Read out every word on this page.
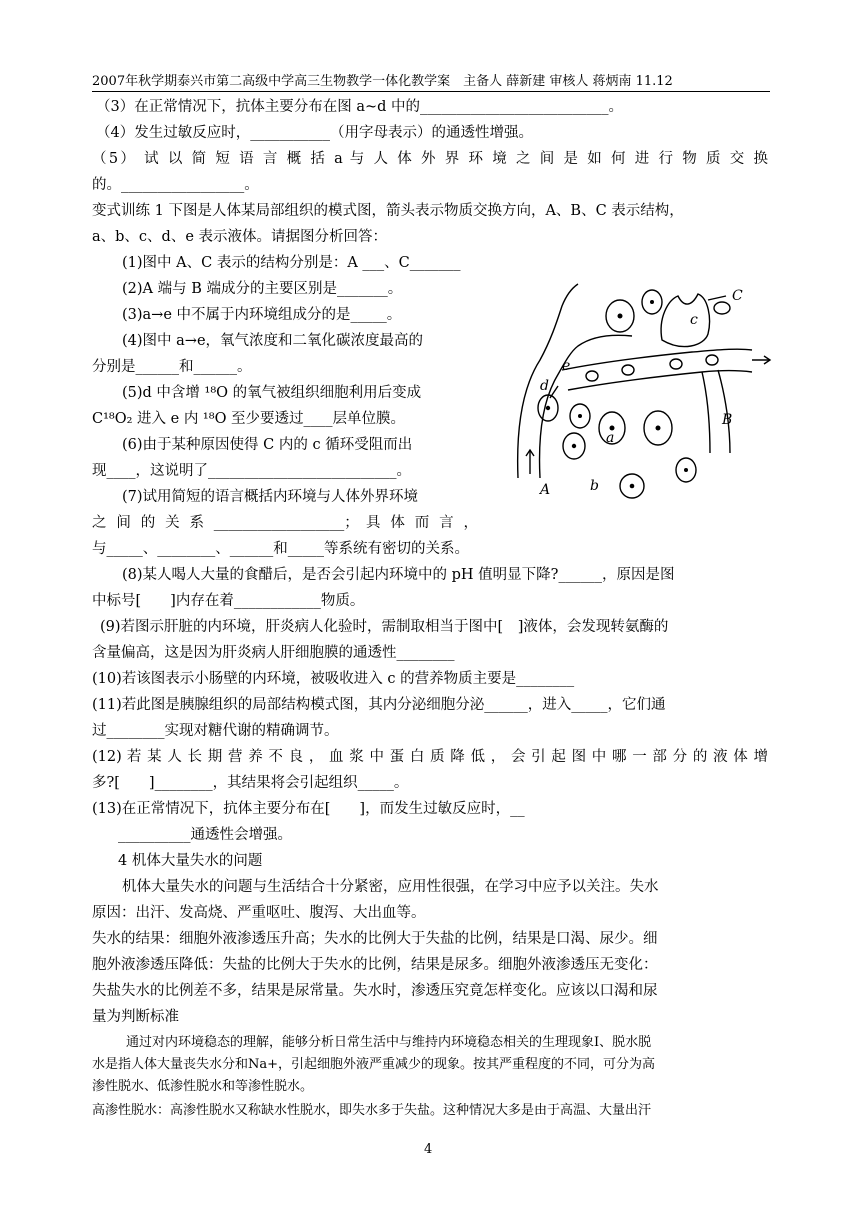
2007年秋学期泰兴市第二高级中学高三生物教学一体化教学案　主备人 薛新建 审核人 蒋炳南 11.12
（3）在正常情况下，抗体主要分布在图 a~d 中的__________________________。
（4）发生过敏反应时，___________（用字母表示）的通透性增强。
（5） 试 以 简 短 语 言 概 括 a 与 人 体 外 界 环 境 之 间 是 如 何 进 行 物 质 交 换
的。_________________。
变式训练 1 下图是人体某局部组织的模式图，箭头表示物质交换方向，A、B、C 表示结构，
a、b、c、d、e 表示液体。请据图分析回答：
(1)图中 A、C 表示的结构分别是：A ___、C_______
(2)A 端与 B 端成分的主要区别是_______。
(3)a→e 中不属于内环境组成分的是_____。
(4)图中 a→e，氧气浓度和二氧化碳浓度最高的
分别是______和______。
(5)d 中含增 ¹⁸O 的氧气被组织细胞利用后变成
C¹⁸O₂ 进入 e 内 ¹⁸O 至少要透过____层单位膜。
(6)由于某种原因使得 C 内的 c 循环受阻而出
现____，这说明了__________________________。
(7)试用简短的语言概括内环境与人体外界环境
之 间 的 关 系 __________________； 具 体 而 言 ，
与_____、________、______和_____等系统有密切的关系。
(8)某人喝人大量的食醋后，是否会引起内环境中的 pH 值明显下降?______，原因是图
中标号[　　]内存在着____________物质。
(9)若图示肝脏的内环境，肝炎病人化验时，需制取相当于图中[　]液体，会发现转氨酶的
含量偏高，这是因为肝炎病人肝细胞膜的通透性________
(10)若该图表示小肠壁的内环境，被吸收进入 c 的营养物质主要是________
(11)若此图是胰腺组织的局部结构模式图，其内分泌细胞分泌______，进入_____，它们通
过________实现对糖代谢的精确调节。
(12) 若 某 人 长 期 营 养 不 良 ， 血 浆 中 蛋 白 质 降 低 ， 会 引 起 图 中 哪 一 部 分 的 液 体 增
多?[　　]________，其结果将会引起组织_____。
(13)在正常情况下，抗体主要分布在[　　]，而发生过敏反应时，__
__________通透性会增强。
4 机体大量失水的问题
机体大量失水的问题与生活结合十分紧密，应用性很强，在学习中应予以关注。失水
原因：出汗、发高烧、严重呕吐、腹泻、大出血等。
失水的结果：细胞外液渗透压升高；失水的比例大于失盐的比例，结果是口渴、尿少。细
胞外液渗透压降低：失盐的比例大于失水的比例，结果是尿多。细胞外液渗透压无变化：
失盐失水的比例差不多，结果是尿常量。失水时，渗透压究竟怎样变化。应该以口渴和尿
量为判断标准
通过对内环境稳态的理解，能够分析日常生活中与维持内环境稳态相关的生理现象Ⅰ、脱水脱
水是指人体大量丧失水分和Na+，引起细胞外液严重减少的现象。按其严重程度的不同，可分为高
渗性脱水、低渗性脱水和等渗性脱水。
高渗性脱水：高渗性脱水又称缺水性脱水，即失水多于失盐。这种情况大多是由于高温、大量出汗
C
c
e
d
a
b
A
B
4
